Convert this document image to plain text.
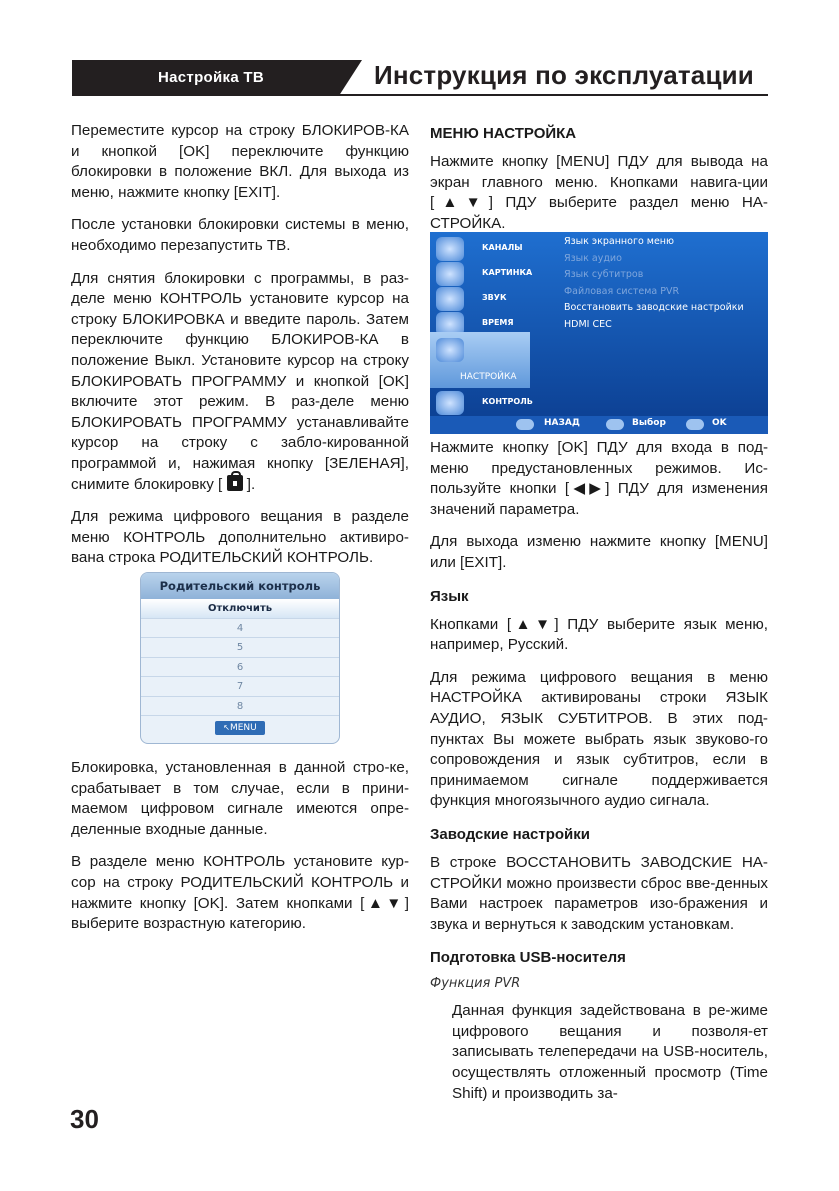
Настройка ТВ	Инструкция по эксплуатации

Переместите курсор на строку БЛОКИРОВ-КА и кнопкой [OK] переключите функцию блокировки в положение ВКЛ. Для выхода из меню, нажмите кнопку [EXIT].

После установки блокировки системы в меню, необходимо перезапустить ТВ.

Для снятия блокировки с программы, в раз-деле меню КОНТРОЛЬ установите курсор на строку БЛОКИРОВКА и введите пароль. Затем переключите функцию БЛОКИРОВ-КА в положение Выкл. Установите курсор на строку БЛОКИРОВАТЬ ПРОГРАММУ и кнопкой [OK] включите этот режим. В раз-деле меню БЛОКИРОВАТЬ ПРОГРАММУ устанавливайте курсор на строку с забло-кированной программой и, нажимая кнопку [ЗЕЛЕНАЯ], снимите блокировку [ ].

Для режима цифрового вещания в разделе меню КОНТРОЛЬ дополнительно активиро-вана строка РОДИТЕЛЬСКИЙ КОНТРОЛЬ.

Родительский контроль
Отключить
4
5
6
7
8
↖MENU

Блокировка, установленная в данной стро-ке, срабатывает в том случае, если в прини-маемом цифровом сигнале имеются опре-деленные входные данные.

В разделе меню КОНТРОЛЬ установите кур-сор на строку РОДИТЕЛЬСКИЙ КОНТРОЛЬ и нажмите кнопку [OK]. Затем кнопками [▲▼] выберите возрастную категорию.

МЕНЮ НАСТРОЙКА

Нажмите кнопку [MENU] ПДУ для вывода на экран главного меню. Кнопками навига-ции [▲▼] ПДУ выберите раздел меню НА-СТРОЙКА.

КАНАЛЫ
КАРТИНКА
ЗВУК
ВРЕМЯ
НАСТРОЙКА
КОНТРОЛЬ
Язык экранного меню
Язык аудио
Язык субтитров
Файловая система PVR
Восстановить заводские настройки
HDMI CEC
НАЗАД	Выбор	OK

Нажмите кнопку [OK] ПДУ для входа в под-меню предустановленных режимов. Ис-пользуйте кнопки [◀▶] ПДУ для изменения значений параметра.

Для выхода изменю нажмите кнопку [MENU] или [EXIT].

Язык

Кнопками [▲▼] ПДУ выберите язык меню, например, Русский.

Для режима цифрового вещания в меню НАСТРОЙКА активированы строки ЯЗЫК АУДИО, ЯЗЫК СУБТИТРОВ. В этих под-пунктах Вы можете выбрать язык звуково-го сопровождения и язык субтитров, если в принимаемом сигнале поддерживается функция многоязычного аудио сигнала.

Заводские настройки

В строке ВОССТАНОВИТЬ ЗАВОДСКИЕ НА-СТРОЙКИ можно произвести сброс вве-денных Вами настроек параметров изо-бражения и звука и вернуться к заводским установкам.

Подготовка USB-носителя
Функция PVR

Данная функция задействована в ре-жиме цифрового вещания и позволя-ет записывать телепередачи на USB-носитель, осуществлять отложенный просмотр (Time Shift) и производить за-

30
